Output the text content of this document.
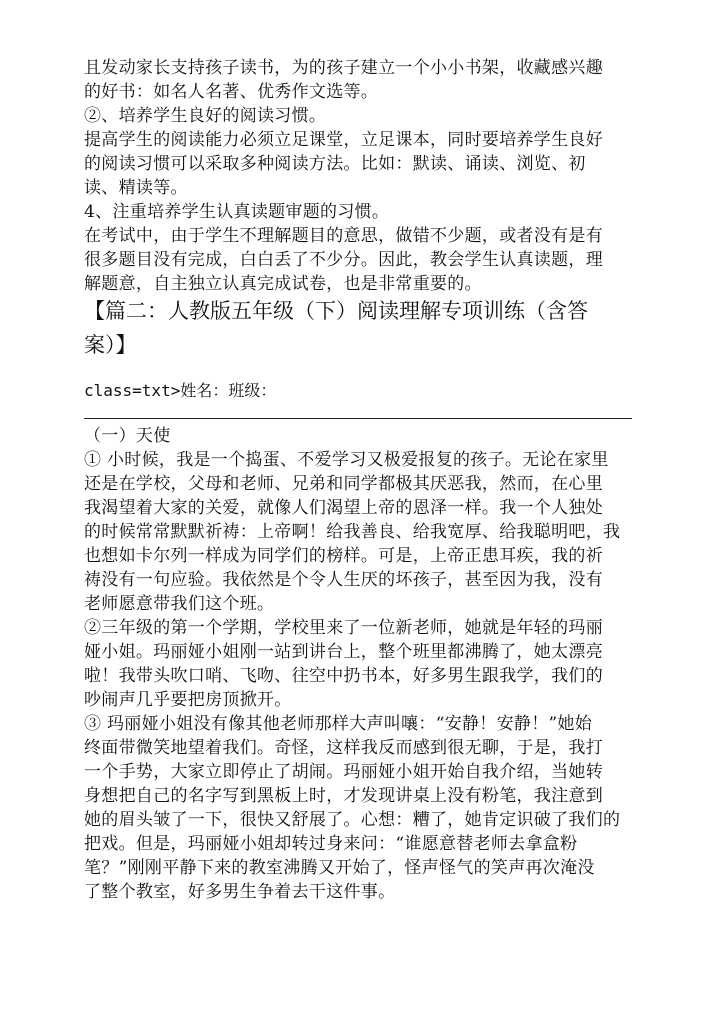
且发动家长支持孩子读书，为的孩子建立一个小小书架，收藏感兴趣
的好书：如名人名著、优秀作文选等。
②、培养学生良好的阅读习惯。
提高学生的阅读能力必须立足课堂，立足课本，同时要培养学生良好
的阅读习惯可以采取多种阅读方法。比如：默读、诵读、浏览、初
读、精读等。
4、注重培养学生认真读题审题的习惯。
在考试中，由于学生不理解题目的意思，做错不少题，或者没有是有
很多题目没有完成，白白丢了不少分。因此，教会学生认真读题，理
解题意，自主独立认真完成试卷，也是非常重要的。
【篇二：人教版五年级（下）阅读理解专项训练（含答
案）】
class=txt>姓名：班级：
（一）天使
① 小时候，我是一个捣蛋、不爱学习又极爱报复的孩子。无论在家里
还是在学校，父母和老师、兄弟和同学都极其厌恶我，然而，在心里
我渴望着大家的关爱，就像人们渴望上帝的恩泽一样。我一个人独处
的时候常常默默祈祷：上帝啊！给我善良、给我宽厚、给我聪明吧，我
也想如卡尔列一样成为同学们的榜样。可是，上帝正患耳疾，我的祈
祷没有一句应验。我依然是个令人生厌的坏孩子，甚至因为我，没有
老师愿意带我们这个班。
②三年级的第一个学期，学校里来了一位新老师，她就是年轻的玛丽
娅小姐。玛丽娅小姐刚一站到讲台上，整个班里都沸腾了，她太漂亮
啦！我带头吹口哨、飞吻、往空中扔书本，好多男生跟我学，我们的
吵闹声几乎要把房顶掀开。
③ 玛丽娅小姐没有像其他老师那样大声叫嚷：“安静！安静！”她始
终面带微笑地望着我们。奇怪，这样我反而感到很无聊，于是，我打
一个手势，大家立即停止了胡闹。玛丽娅小姐开始自我介绍，当她转
身想把自己的名字写到黑板上时，才发现讲桌上没有粉笔，我注意到
她的眉头皱了一下，很快又舒展了。心想：糟了，她肯定识破了我们的
把戏。但是，玛丽娅小姐却转过身来问：“谁愿意替老师去拿盒粉
笔？”刚刚平静下来的教室沸腾又开始了，怪声怪气的笑声再次淹没
了整个教室，好多男生争着去干这件事。
